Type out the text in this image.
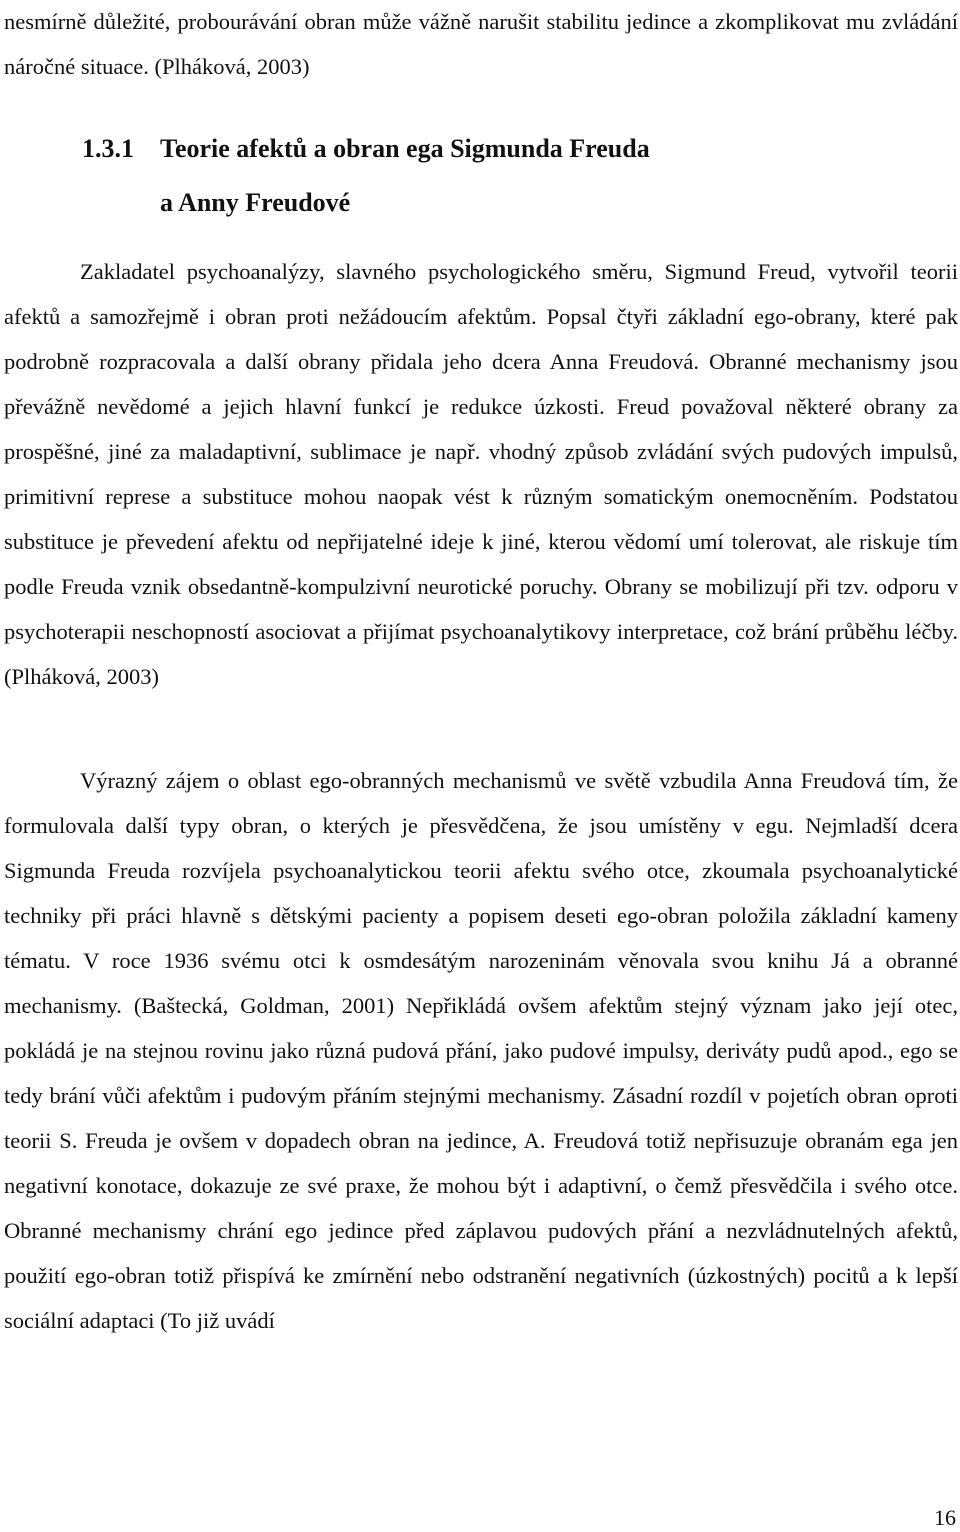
nesmírně důležité, probourávání obran může vážně narušit stabilitu jedince a zkomplikovat mu zvládání náročné situace. (Plháková, 2003)

1.3.1 Teorie afektů a obran ega Sigmunda Freuda
a Anny Freudové

Zakladatel psychoanalýzy, slavného psychologického směru, Sigmund Freud, vytvořil teorii afektů a samozřejmě i obran proti nežádoucím afektům. Popsal čtyři základní ego-obrany, které pak podrobně rozpracovala a další obrany přidala jeho dcera Anna Freudová. Obranné mechanismy jsou převážně nevědomé a jejich hlavní funkcí je redukce úzkosti. Freud považoval některé obrany za prospěšné, jiné za maladaptivní, sublimace je např. vhodný způsob zvládání svých pudových impulsů, primitivní represe a substituce mohou naopak vést k různým somatickým onemocněním. Podstatou substituce je převedení afektu od nepřijatelné ideje k jiné, kterou vědomí umí tolerovat, ale riskuje tím podle Freuda vznik obsedantně-kompulzivní neurotické poruchy. Obrany se mobilizují při tzv. odporu v psychoterapii neschopností asociovat a přijímat psychoanalytikovy interpretace, což brání průběhu léčby. (Plháková, 2003)

Výrazný zájem o oblast ego-obranných mechanismů ve světě vzbudila Anna Freudová tím, že formulovala další typy obran, o kterých je přesvědčena, že jsou umístěny v egu. Nejmladší dcera Sigmunda Freuda rozvíjela psychoanalytickou teorii afektu svého otce, zkoumala psychoanalytické techniky při práci hlavně s dětskými pacienty a popisem deseti ego-obran položila základní kameny tématu. V roce 1936 svému otci k osmdesátým narozeninám věnovala svou knihu Já a obranné mechanismy. (Baštecká, Goldman, 2001) Nepřikládá ovšem afektům stejný význam jako její otec, pokládá je na stejnou rovinu jako různá pudová přání, jako pudové impulsy, deriváty pudů apod., ego se tedy brání vůči afektům i pudovým přáním stejnými mechanismy. Zásadní rozdíl v pojetích obran oproti teorii S. Freuda je ovšem v dopadech obran na jedince, A. Freudová totiž nepřisuzuje obranám ega jen negativní konotace, dokazuje ze své praxe, že mohou být i adaptivní, o čemž přesvědčila i svého otce. Obranné mechanismy chrání ego jedince před záplavou pudových přání a nezvládnutelných afektů, použití ego-obran totiž přispívá ke zmírnění nebo odstranění negativních (úzkostných) pocitů a k lepší sociální adaptaci (To již uvádí

16
